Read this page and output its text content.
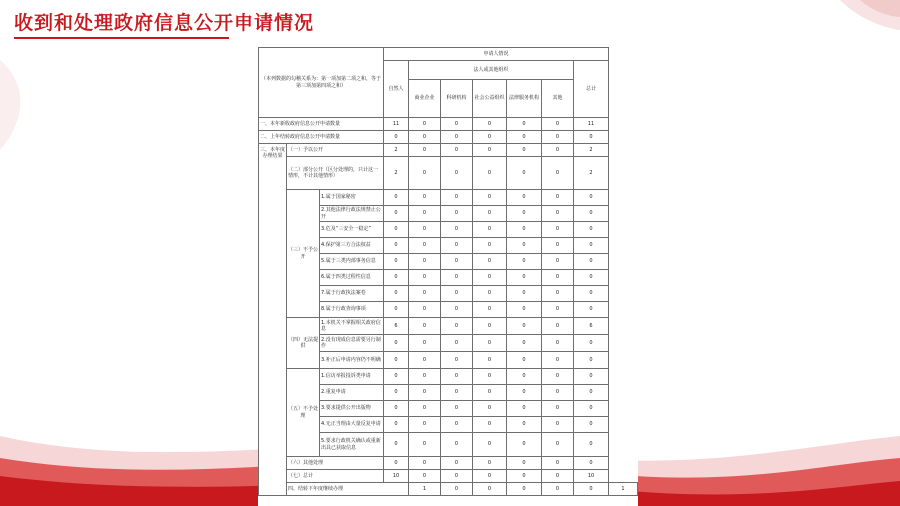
收到和处理政府信息公开申请情况
（本列数据的勾稽关系为：第一项加第二项之和，等于第三项加第四项之和）			申请人情况							
			自然人	法人或其他组织					总计	
				商业企业	科研机构	社会公益组织	法律服务机构	其他		
一、本年新收政府信息公开申请数量			11	0	0	0	0	0	11	
二、上年结转政府信息公开申请数量			0	0	0	0	0	0	0	
三、本年度办理结果	（一）予以公开		2	0	0	0	0	0	2	
	（二）部分公开（区分处理的，只计这一情形，不计其他情形）		2	0	0	0	0	0	2	
	（三）不予公开	1.属于国家秘密	0	0	0	0	0	0	0	
		2.其他法律行政法规禁止公开	0	0	0	0	0	0	0	
		3.危及“三安全一稳定”	0	0	0	0	0	0	0	
		4.保护第三方合法权益	0	0	0	0	0	0	0	
		5.属于三类内部事务信息	0	0	0	0	0	0	0	
		6.属于四类过程性信息	0	0	0	0	0	0	0	
		7.属于行政执法案卷	0	0	0	0	0	0	0	
		8.属于行政查询事项	0	0	0	0	0	0	0	
	（四）无法提供	1.本机关不掌握相关政府信息	6	0	0	0	0	0	6	
		2.没有现成信息需要另行制作	0	0	0	0	0	0	0	
		3.补正后申请内容仍不明确	0	0	0	0	0	0	0	
	（五）不予处理	1.信访举报投诉类申请	0	0	0	0	0	0	0	
		2.重复申请	0	0	0	0	0	0	0	
		3.要求提供公开出版物	0	0	0	0	0	0	0	
		4.无正当理由大量反复申请	0	0	0	0	0	0	0	
		5.要求行政机关确认或重新出具已获取信息	0	0	0	0	0	0	0	
	（六）其他处理		0	0	0	0	0	0	0	
	（七）总计		10	0	0	0	0	0	10	
	四、结转下年度继续办理			1	0	0	0	0	0	1
